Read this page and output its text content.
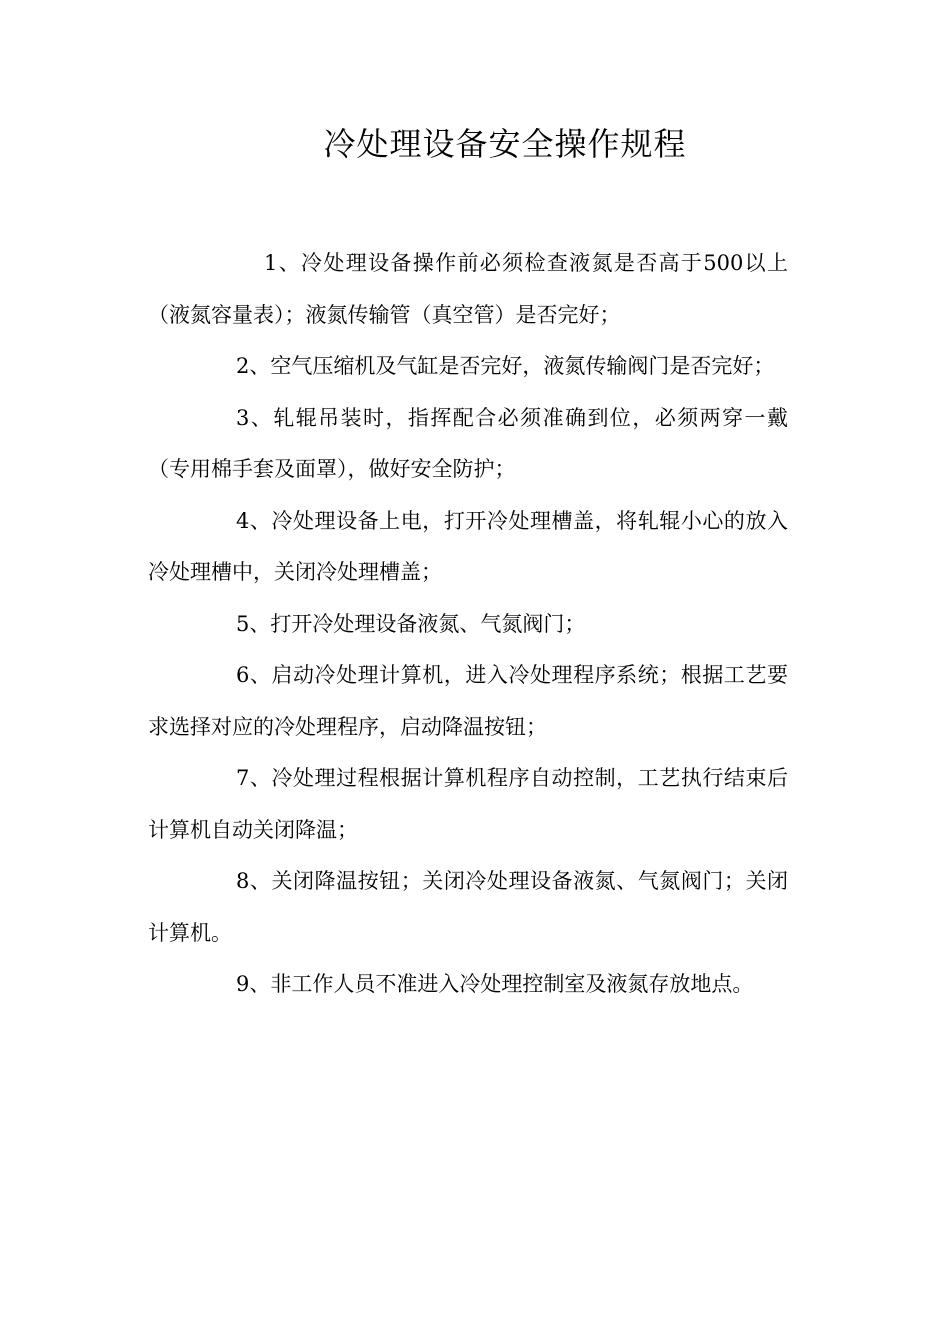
冷处理设备安全操作规程

1、冷处理设备操作前必须检查液氮是否高于500以上（液氮容量表）；液氮传输管（真空管）是否完好；

2、空气压缩机及气缸是否完好，液氮传输阀门是否完好；

3、轧辊吊装时，指挥配合必须准确到位，必须两穿一戴（专用棉手套及面罩），做好安全防护；

4、冷处理设备上电，打开冷处理槽盖，将轧辊小心的放入冷处理槽中，关闭冷处理槽盖；

5、打开冷处理设备液氮、气氮阀门；

6、启动冷处理计算机，进入冷处理程序系统；根据工艺要求选择对应的冷处理程序，启动降温按钮；

7、冷处理过程根据计算机程序自动控制，工艺执行结束后计算机自动关闭降温；

8、关闭降温按钮；关闭冷处理设备液氮、气氮阀门；关闭计算机。

9、非工作人员不准进入冷处理控制室及液氮存放地点。
